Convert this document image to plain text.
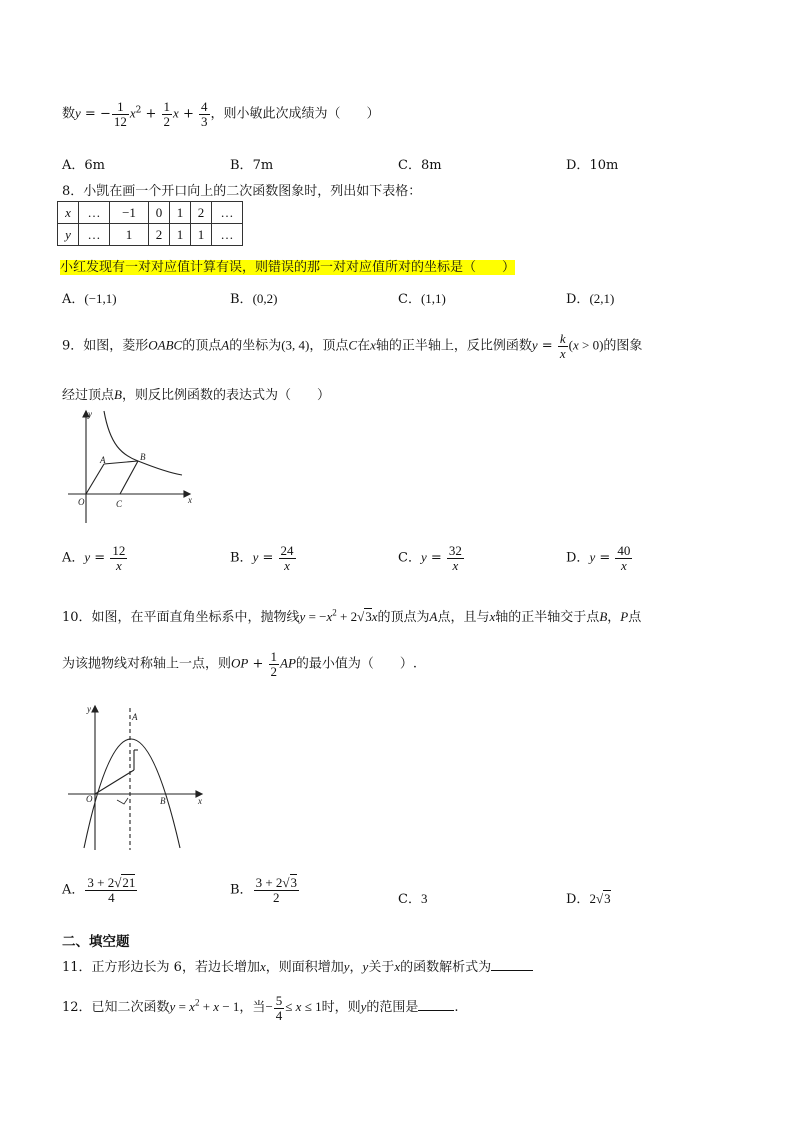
数y = − $\frac{1}{12} x^2 + \frac{1}{2}$ $x + \frac{4}{3}$ ，则小敏此次成绩为（　　）
A．6m	B．7m	C．8m	D．10m
8．小凯在画一个开口向上的二次函数图象时，列出如下表格：
x	…	−1	0	1	2	…
y	…	1	2	1	1	…
小红发现有一对对应值计算有误，则错误的那一对对应值所对的坐标是（　　）
A．(−1,1)	B．(0,2)	C．(1,1)	D．(2,1)
9．如图，菱形OABC的顶点A的坐标为(3, 4)，顶点C在x轴的正半轴上，反比例函数$y = \frac{k}{x} (x > 0)$的图象
经过顶点B，则反比例函数的表达式为（　　）
y
x
O
A	B
C
A．$y = \frac{12}{x}$	B．$y = \frac{24}{x}$	C．$y = \frac{32}{x}$	D．$y = \frac{40}{x}$
10．如图，在平面直角坐标系中，抛物线$y = -x^2 + 2√3x$的顶点为A点，且与x轴的正半轴交于点B，P点
为该抛物线对称轴上一点，则OP + $\frac{1}{2}$ AP的最小值为（　　）.
y
x
O
A
B
A． $\frac{3 + 2√21}{4}$	B． $\frac{3 + 2√3}{2}$	C．3	D．2√3
二、填空题
11．正方形边长为 6，若边长增加x，则面积增加y，y关于x的函数解析式为
12．已知二次函数$y = x^2 + x - 1$，当− $\frac{5}{4} \le x \le 1$时，则y的范围是	.
